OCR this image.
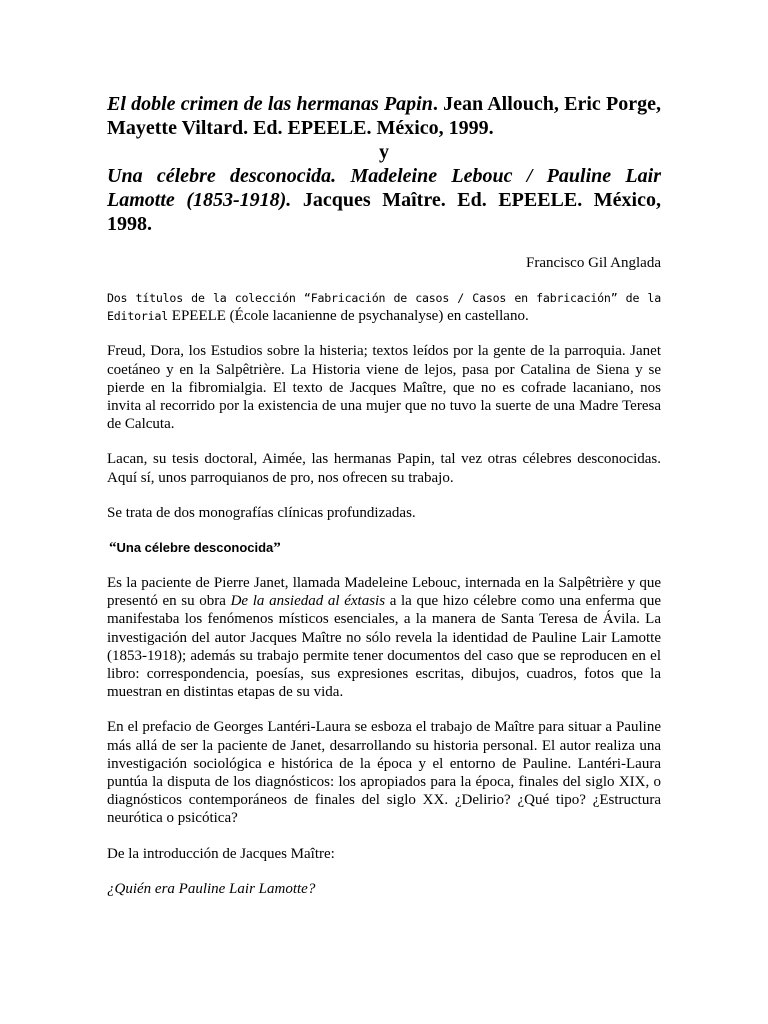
El doble crimen de las hermanas Papin. Jean Allouch, Eric Porge, Mayette Viltard. Ed. EPEELE. México, 1999.

y

Una célebre desconocida. Madeleine Lebouc / Pauline Lair Lamotte (1853-1918). Jacques Maître. Ed. EPEELE. México, 1998.

Francisco Gil Anglada

Dos títulos de la colección “Fabricación de casos / Casos en fabricación” de la Editorial EPEELE (École lacanienne de psychanalyse) en castellano.

Freud, Dora, los Estudios sobre la histeria; textos leídos por la gente de la parroquia. Janet coetáneo y en la Salpêtrière. La Historia viene de lejos, pasa por Catalina de Siena y se pierde en la fibromialgia. El texto de Jacques Maître, que no es cofrade lacaniano, nos invita al recorrido por la existencia de una mujer que no tuvo la suerte de una Madre Teresa de Calcuta.

Lacan, su tesis doctoral, Aimée, las hermanas Papin, tal vez otras célebres desconocidas. Aquí sí, unos parroquianos de pro, nos ofrecen su trabajo.

Se trata de dos monografías clínicas profundizadas.

“Una célebre desconocida”

Es la paciente de Pierre Janet, llamada Madeleine Lebouc, internada en la Salpêtrière y que presentó en su obra De la ansiedad al éxtasis a la que hizo célebre como una enferma que manifestaba los fenómenos místicos esenciales, a la manera de Santa Teresa de Ávila. La investigación del autor Jacques Maître no sólo revela la identidad de Pauline Lair Lamotte (1853-1918); además su trabajo permite tener documentos del caso que se reproducen en el libro: correspondencia, poesías, sus expresiones escritas, dibujos, cuadros, fotos que la muestran en distintas etapas de su vida.

En el prefacio de Georges Lantéri-Laura se esboza el trabajo de Maître para situar a Pauline más allá de ser la paciente de Janet, desarrollando su historia personal. El autor realiza una investigación sociológica e histórica de la época y el entorno de Pauline. Lantéri-Laura puntúa la disputa de los diagnósticos: los apropiados para la época, finales del siglo XIX, o diagnósticos contemporáneos de finales del siglo XX. ¿Delirio? ¿Qué tipo? ¿Estructura neurótica o psicótica?

De la introducción de Jacques Maître:

¿Quién era Pauline Lair Lamotte?
